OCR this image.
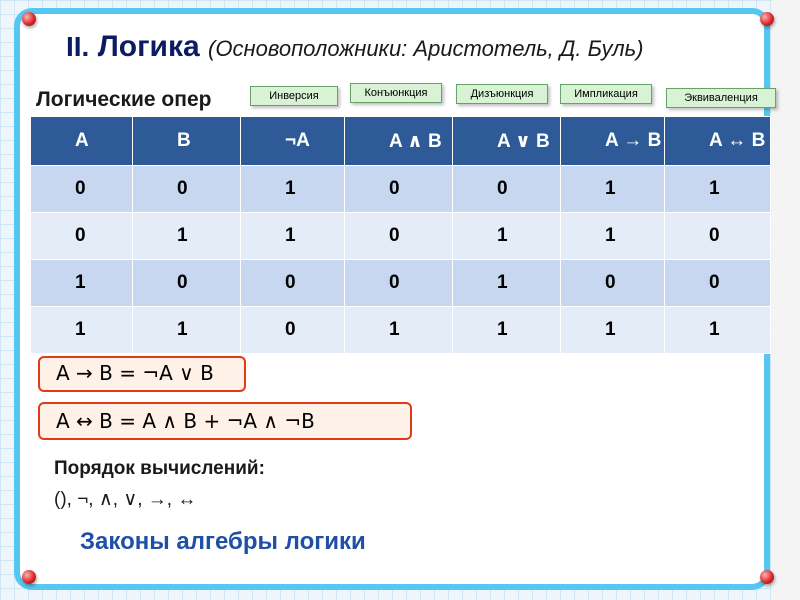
II. Логика (Основоположники: Аристотель, Д. Буль)
Логические опер	Инверсия	Конъюнкция	Дизъюнкция	Импликация	Эквиваленция
A	B	¬A	A ∧ B	A ∨ B	A → B	A ↔ B
0	0	1	0	0	1	1
0	1	1	0	1	1	0
1	0	0	0	1	0	0
1	1	0	1	1	1	1
A → B = ¬A ∨ B
A ↔ B = A ∧ B + ¬A ∧ ¬B
Порядок вычислений:
(), ¬, ∧, ∨, →, ↔
Законы алгебры логики
